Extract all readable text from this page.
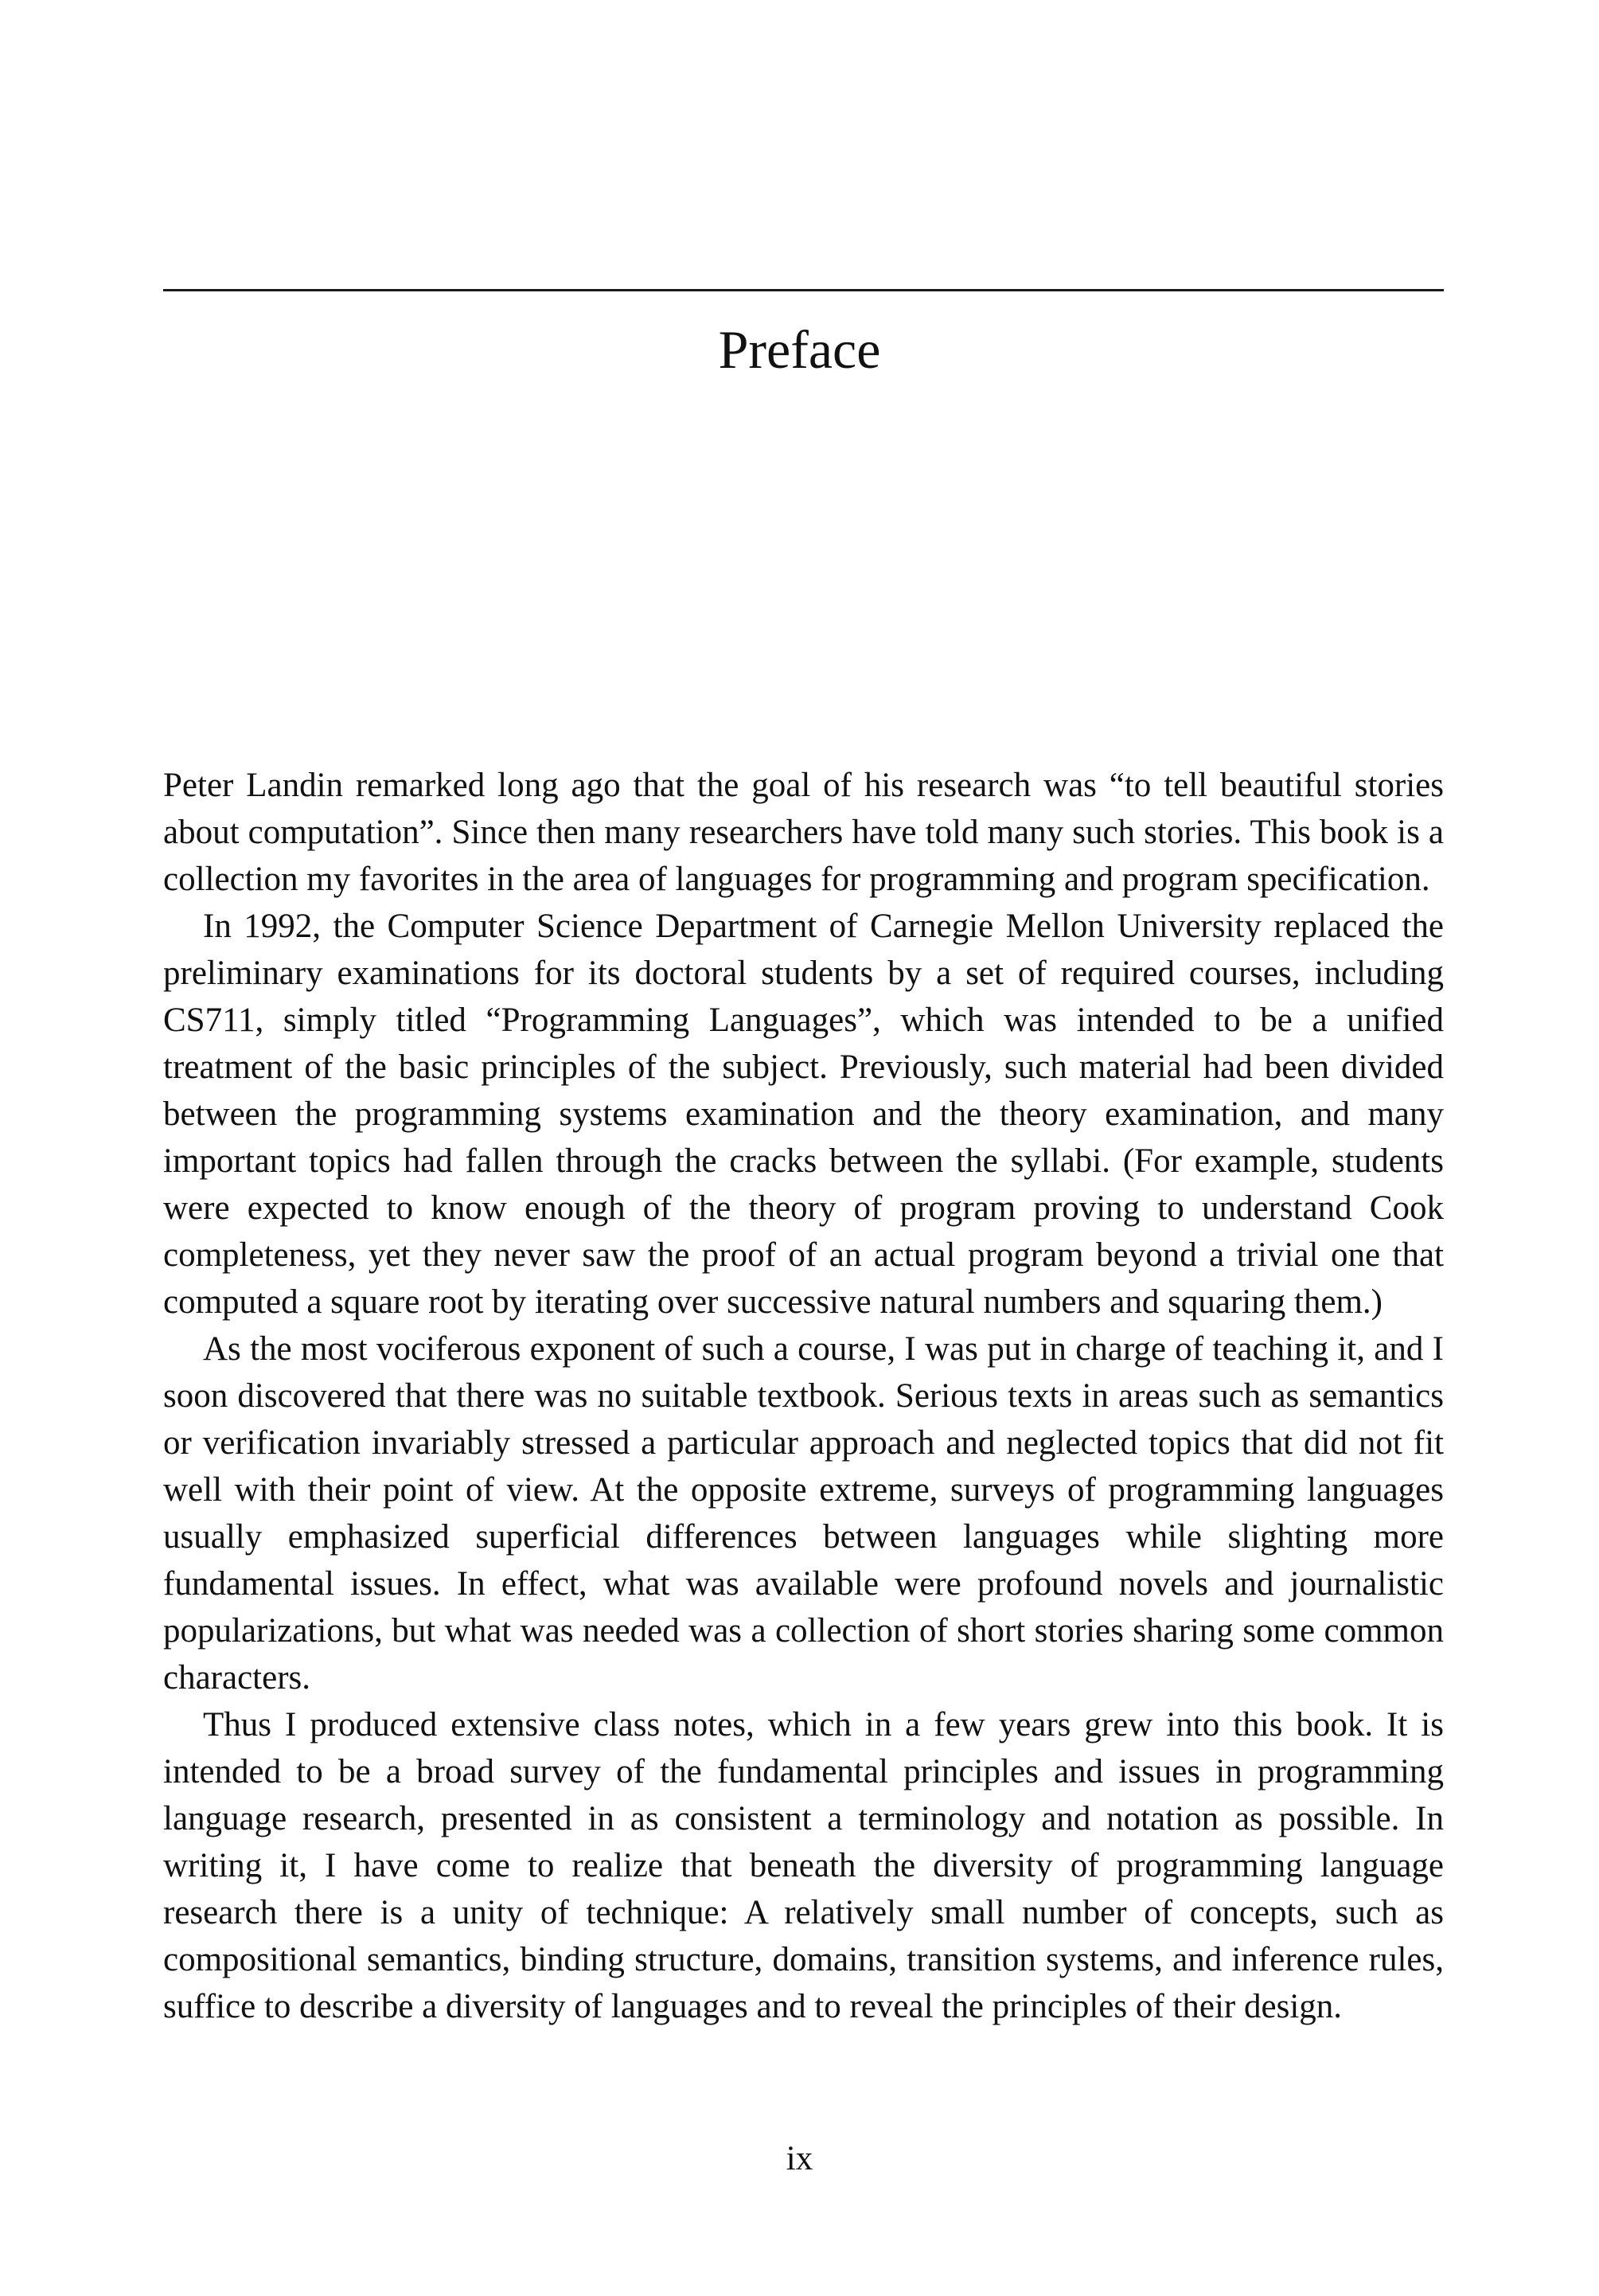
Preface

Peter Landin remarked long ago that the goal of his research was “to tell beautiful stories about computation”. Since then many researchers have told many such stories. This book is a collection my favorites in the area of languages for programming and program specification.

In 1992, the Computer Science Department of Carnegie Mellon University replaced the preliminary examinations for its doctoral students by a set of required courses, including CS711, simply titled “Programming Languages”, which was intended to be a unified treatment of the basic principles of the subject. Previously, such material had been divided between the programming systems examination and the theory examination, and many important topics had fallen through the cracks between the syllabi. (For example, students were expected to know enough of the theory of program proving to understand Cook completeness, yet they never saw the proof of an actual program beyond a trivial one that computed a square root by iterating over successive natural numbers and squaring them.)

As the most vociferous exponent of such a course, I was put in charge of teaching it, and I soon discovered that there was no suitable textbook. Serious texts in areas such as semantics or verification invariably stressed a particular approach and neglected topics that did not fit well with their point of view. At the opposite extreme, surveys of programming languages usually emphasized superficial differences between languages while slighting more fundamental issues. In effect, what was available were profound novels and journalistic popularizations, but what was needed was a collection of short stories sharing some common characters.

Thus I produced extensive class notes, which in a few years grew into this book. It is intended to be a broad survey of the fundamental principles and issues in programming language research, presented in as consistent a terminology and notation as possible. In writing it, I have come to realize that beneath the diversity of programming language research there is a unity of technique: A relatively small number of concepts, such as compositional semantics, binding structure, domains, transition systems, and inference rules, suffice to describe a diversity of languages and to reveal the principles of their design.

ix
